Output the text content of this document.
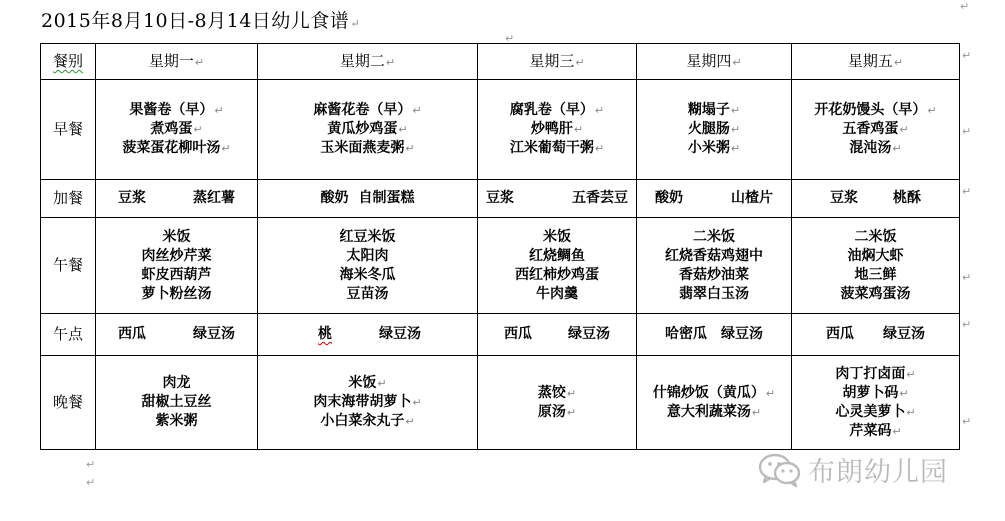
2015年8月10日-8月14日幼儿食谱↵
↵
↵
餐别	星期一↵	星期二↵	星期三↵	星期四↵	星期五↵
早餐	果酱卷（早）↵
煮鸡蛋↵
菠菜蛋花柳叶汤↵	麻酱花卷（早）↵
黄瓜炒鸡蛋↵
玉米面燕麦粥↵	腐乳卷（早）↵
炒鸭肝↵
江米葡萄干粥↵	糊塌子↵
火腿肠↵
小米粥↵	开花奶馒头（早）↵
五香鸡蛋↵
混沌汤↵

加餐	豆浆 蒸红薯	酸奶 自制蛋糕	豆浆 五香芸豆	酸奶 山楂片	豆浆 桃酥

午餐	米饭
肉丝炒芹菜
虾皮西葫芦
萝卜粉丝汤	红豆米饭
太阳肉
海米冬瓜
豆苗汤	米饭
红烧鲷鱼
西红柿炒鸡蛋
牛肉羹	二米饭
红烧香菇鸡翅中
香菇炒油菜
翡翠白玉汤	二米饭
油焖大虾
地三鲜
菠菜鸡蛋汤

午点	西瓜 绿豆汤	桃 绿豆汤	西瓜 绿豆汤	哈密瓜 绿豆汤	西瓜 绿豆汤

晚餐	肉龙
甜椒土豆丝
紫米粥	米饭↵
肉末海带胡萝卜↵
小白菜汆丸子↵	蒸饺↵
原汤↵	什锦炒饭（黄瓜）↵
意大利蔬菜汤↵	肉丁打卤面↵
胡萝卜码↵
心灵美萝卜↵
芹菜码↵
↵
↵
↵
↵
↵
↵
↵
↵	布朗幼儿园
